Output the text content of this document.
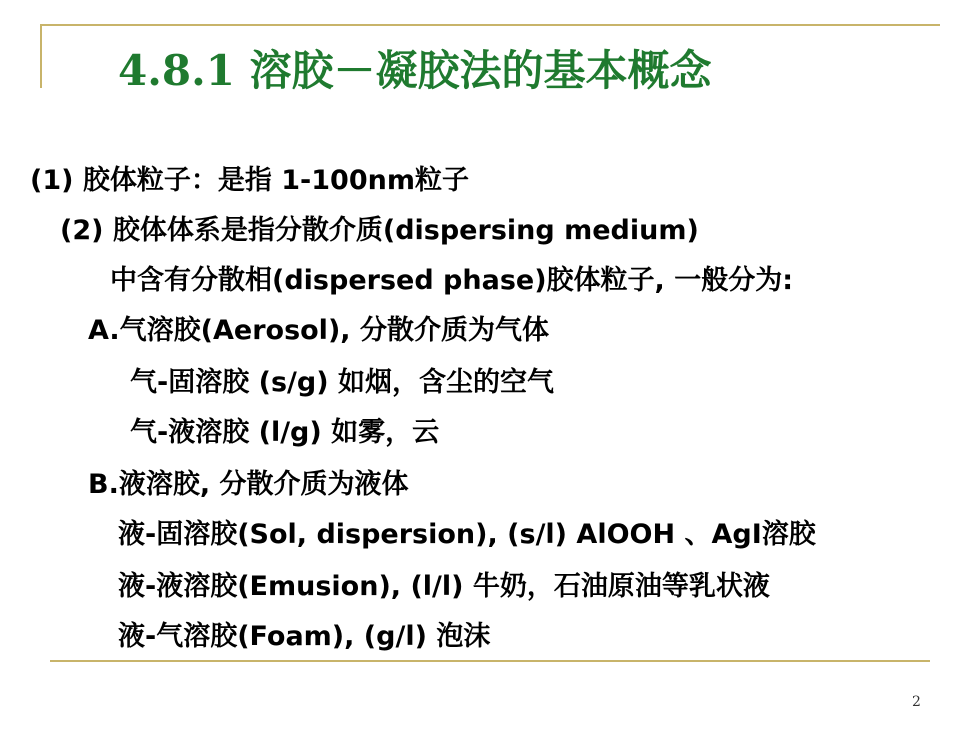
4.8.1 溶胶－凝胶法的基本概念
(1) 胶体粒子：是指 1-100nm粒子
(2) 胶体体系是指分散介质(dispersing medium)
中含有分散相(dispersed phase)胶体粒子, 一般分为:
A.气溶胶(Aerosol), 分散介质为气体
气-固溶胶 (s/g) 如烟，含尘的空气
气-液溶胶 (l/g) 如雾，云
B.液溶胶, 分散介质为液体
液-固溶胶(Sol, dispersion), (s/l) AlOOH 、AgI溶胶
液-液溶胶(Emusion), (l/l) 牛奶，石油原油等乳状液
液-气溶胶(Foam), (g/l) 泡沫
2
